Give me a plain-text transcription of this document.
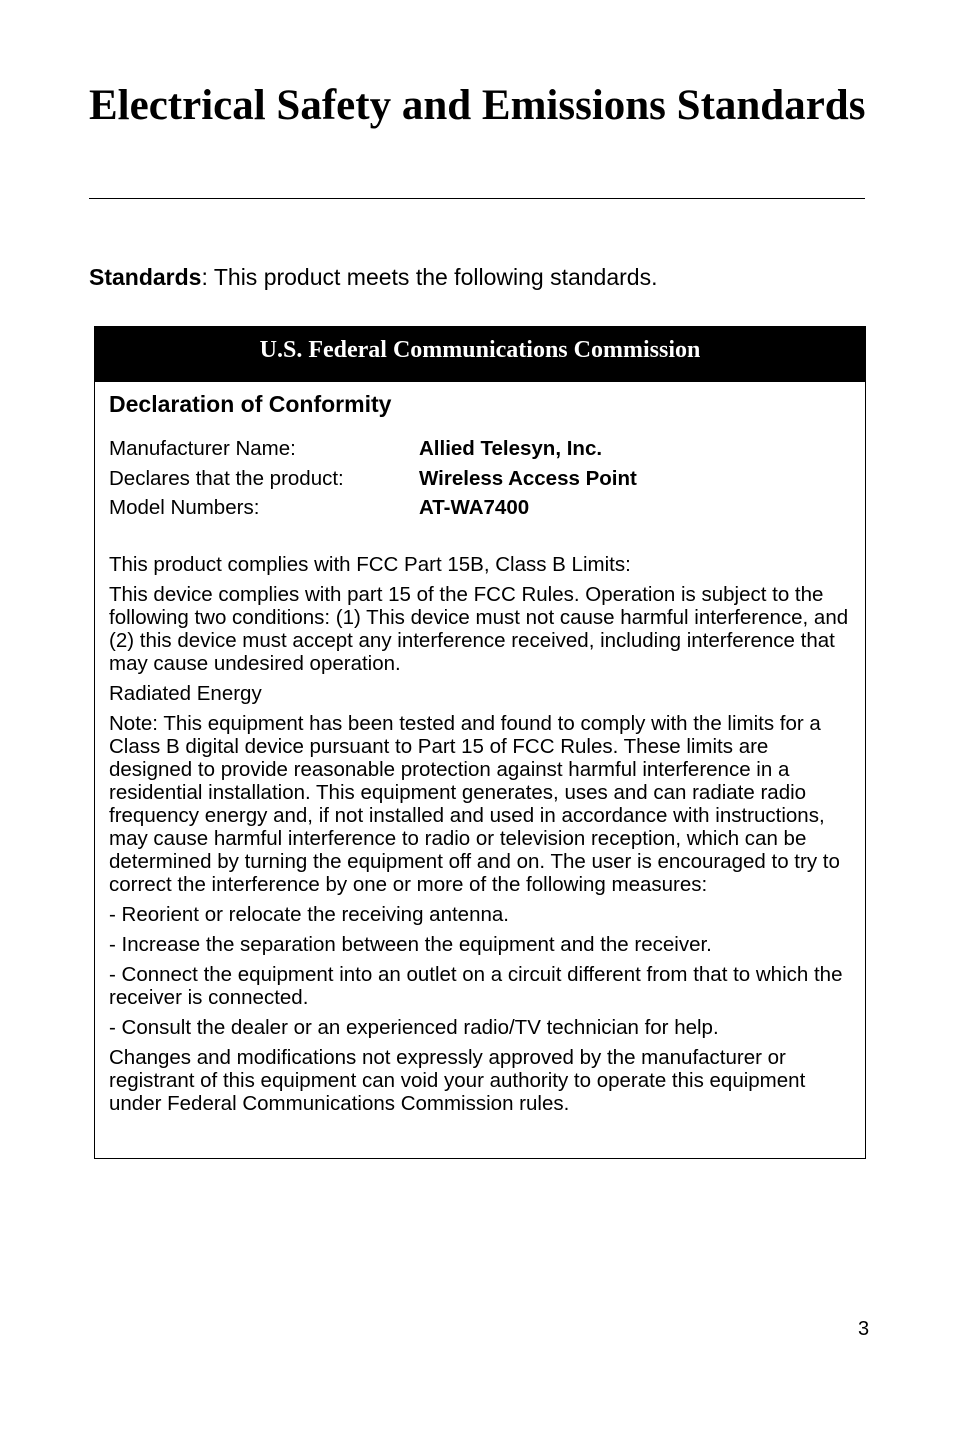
Electrical Safety and Emissions Standards

Standards: This product meets the following standards.

U.S. Federal Communications Commission
Declaration of Conformity
Manufacturer Name:	Allied Telesyn, Inc.
Declares that the product:	Wireless Access Point
Model Numbers:	AT-WA7400

This product complies with FCC Part 15B, Class B Limits:

This device complies with part 15 of the FCC Rules. Operation is subject to the following two conditions: (1) This device must not cause harmful interference, and (2) this device must accept any interference received, including interference that may cause undesired operation.

Radiated Energy

Note: This equipment has been tested and found to comply with the limits for a Class B digital device pursuant to Part 15 of FCC Rules. These limits are designed to provide reasonable protection against harmful interference in a residential installation. This equipment generates, uses and can radiate radio frequency energy and, if not installed and used in accordance with instructions, may cause harmful interference to radio or television reception, which can be determined by turning the equipment off and on. The user is encouraged to try to correct the interference by one or more of the following measures:

- Reorient or relocate the receiving antenna.

- Increase the separation between the equipment and the receiver.

- Connect the equipment into an outlet on a circuit different from that to which the receiver is connected.

- Consult the dealer or an experienced radio/TV technician for help.

Changes and modifications not expressly approved by the manufacturer or registrant of this equipment can void your authority to operate this equipment under Federal Communications Commission rules.

3
